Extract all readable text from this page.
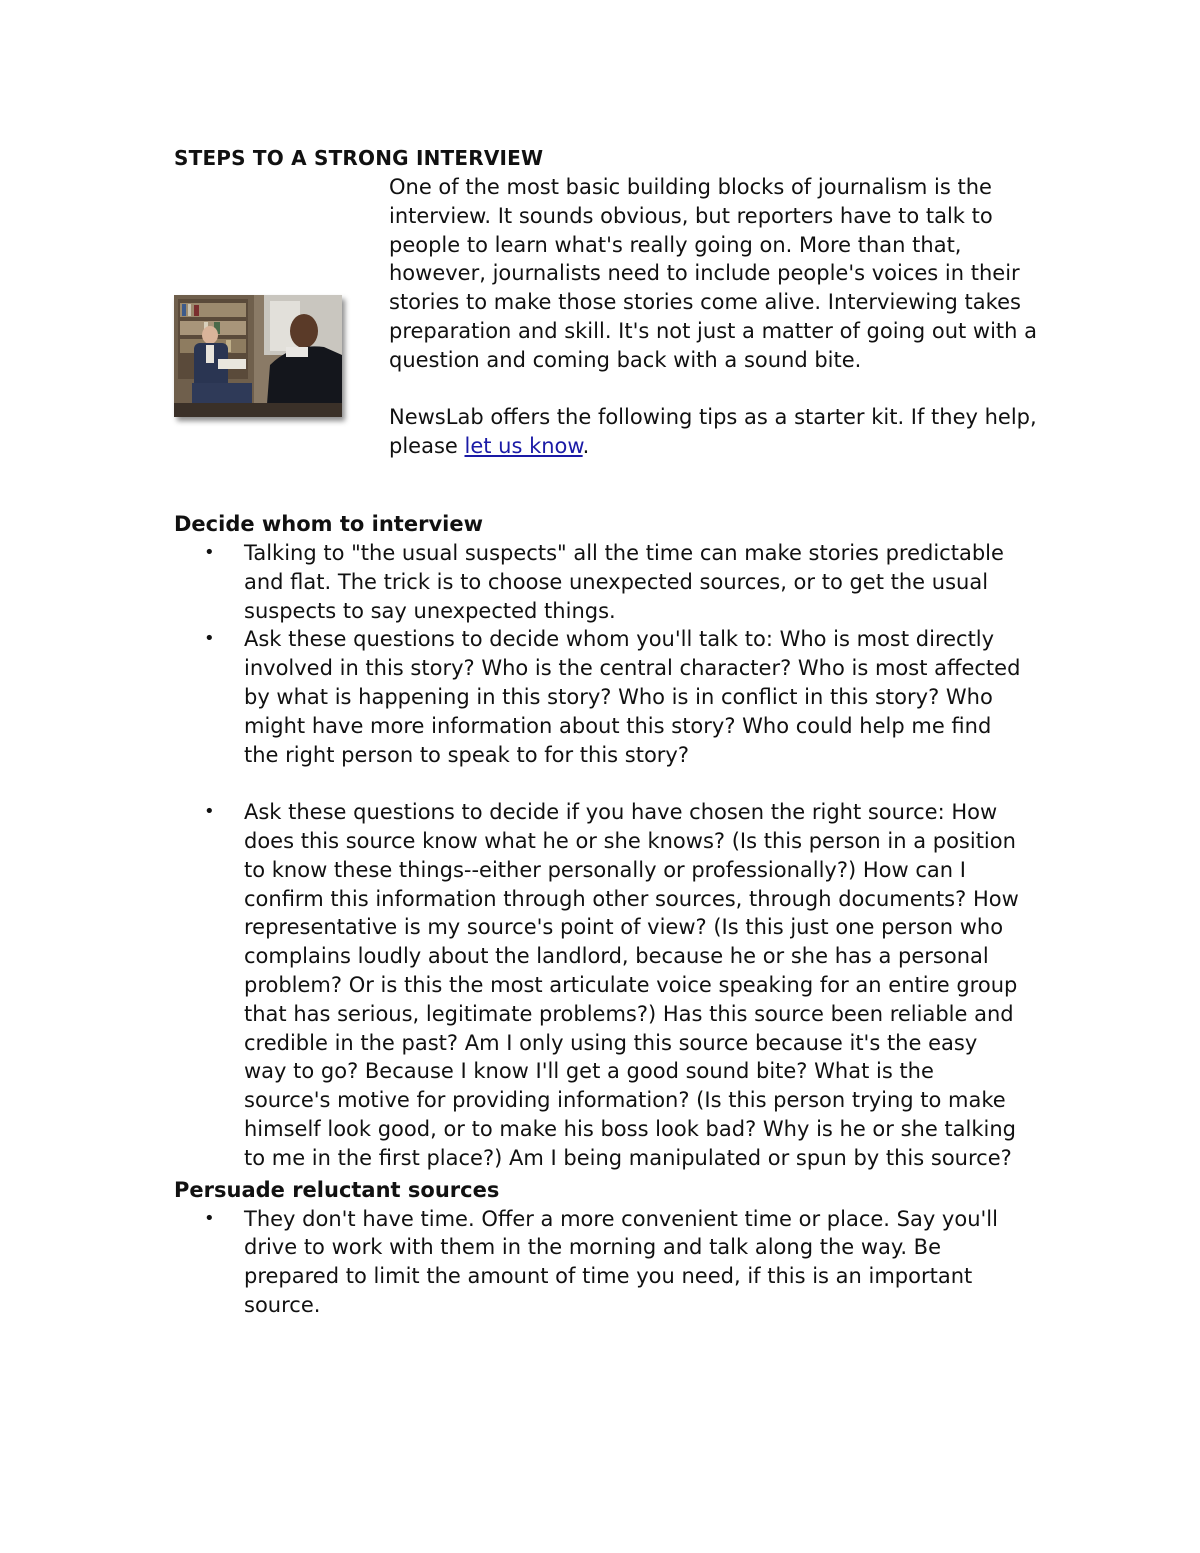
STEPS TO A STRONG INTERVIEW

One of the most basic building blocks of journalism is the interview. It sounds obvious, but reporters have to talk to people to learn what's really going on. More than that, however, journalists need to include people's voices in their stories to make those stories come alive. Interviewing takes preparation and skill. It's not just a matter of going out with a question and coming back with a sound bite.

NewsLab offers the following tips as a starter kit. If they help, please let us know.

Decide whom to interview
• Talking to "the usual suspects" all the time can make stories predictable and flat. The trick is to choose unexpected sources, or to get the usual suspects to say unexpected things.
• Ask these questions to decide whom you'll talk to: Who is most directly involved in this story? Who is the central character? Who is most affected by what is happening in this story? Who is in conflict in this story? Who might have more information about this story? Who could help me find the right person to speak to for this story?
• Ask these questions to decide if you have chosen the right source: How does this source know what he or she knows? (Is this person in a position to know these things--either personally or professionally?) How can I confirm this information through other sources, through documents? How representative is my source's point of view? (Is this just one person who complains loudly about the landlord, because he or she has a personal problem? Or is this the most articulate voice speaking for an entire group that has serious, legitimate problems?) Has this source been reliable and credible in the past? Am I only using this source because it's the easy way to go? Because I know I'll get a good sound bite? What is the source's motive for providing information? (Is this person trying to make himself look good, or to make his boss look bad? Why is he or she talking to me in the first place?) Am I being manipulated or spun by this source?
Persuade reluctant sources
• They don't have time. Offer a more convenient time or place. Say you'll drive to work with them in the morning and talk along the way. Be prepared to limit the amount of time you need, if this is an important source.
